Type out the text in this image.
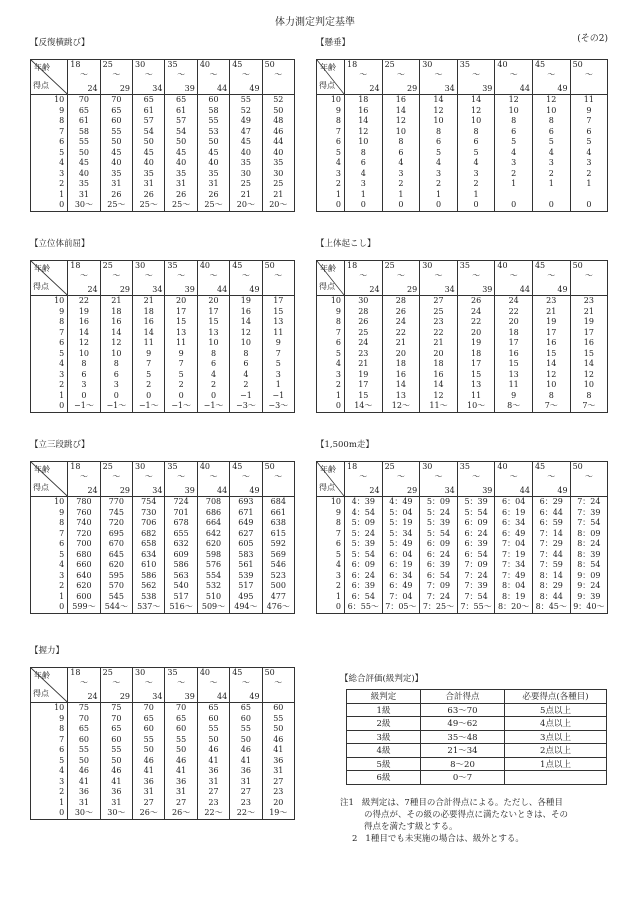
体力測定判定基準
(その2)
【反復横跳び】
年齢
得点	18
〜
24	25
〜
29	30
〜
34	35
〜
39	40
〜
44	45
〜
49	50
〜

10	70	70	65	65	60	55	52
9	65	65	61	61	58	52	50
8	61	60	57	57	55	49	48
7	58	55	54	54	53	47	46
6	55	50	50	50	50	45	44
5	50	45	45	45	45	40	40
4	45	40	40	40	40	35	35
3	40	35	35	35	35	30	30
2	35	31	31	31	31	25	25
1	31	26	26	26	26	21	21
0	30〜	25〜	25〜	25〜	25〜	20〜	20〜
【懸垂】
年齢
得点	18
〜
24	25
〜
29	30
〜
34	35
〜
39	40
〜
44	45
〜
49	50
〜

10	18	16	14	14	12	12	11
9	16	14	12	12	10	10	9
8	14	12	10	10	8	8	7
7	12	10	8	8	6	6	6
6	10	8	6	6	5	5	5
5	8	6	5	5	4	4	4
4	6	4	4	4	3	3	3
3	4	3	3	3	2	2	2
2	3	2	2	2	1	1	1
1	1	1	1	1			
0	0	0	0	0	0	0	0
【立位体前屈】
年齢
得点	18
〜
24	25
〜
29	30
〜
34	35
〜
39	40
〜
44	45
〜
49	50
〜

10	22	21	21	20	20	19	17
9	19	18	18	17	17	16	15
8	16	16	16	15	15	14	13
7	14	14	14	13	13	12	11
6	12	12	11	11	10	10	9
5	10	10	9	9	8	8	7
4	8	8	7	7	6	6	5
3	6	6	5	5	4	4	3
2	3	3	2	2	2	2	1
1	0	0	0	0	0	−1	−1
0	−1〜	−1〜	−1〜	−1〜	−1〜	−3〜	−3〜
【上体起こし】
年齢
得点	18
〜
24	25
〜
29	30
〜
34	35
〜
39	40
〜
44	45
〜
49	50
〜

10	30	28	27	26	24	23	23
9	28	26	25	24	22	21	21
8	26	24	23	22	20	19	19
7	25	22	22	20	18	17	17
6	24	21	21	19	17	16	16
5	23	20	20	18	16	15	15
4	21	18	18	17	15	14	14
3	19	16	16	15	13	12	12
2	17	14	14	13	11	10	10
1	15	13	12	11	9	8	8
0	14〜	12〜	11〜	10〜	8〜	7〜	7〜
【立三段跳び】
年齢
得点	18
〜
24	25
〜
29	30
〜
34	35
〜
39	40
〜
44	45
〜
49	50
〜

10	780	770	754	724	708	693	684
9	760	745	730	701	686	671	661
8	740	720	706	678	664	649	638
7	720	695	682	655	642	627	615
6	700	670	658	632	620	605	592
5	680	645	634	609	598	583	569
4	660	620	610	586	576	561	546
3	640	595	586	563	554	539	523
2	620	570	562	540	532	517	500
1	600	545	538	517	510	495	477
0	599〜	544〜	537〜	516〜	509〜	494〜	476〜
【1,500m走】
年齢
得点	18
〜
24	25
〜
29	30
〜
34	35
〜
39	40
〜
44	45
〜
49	50
〜

10	4：39	4：49	5：09	5：39	6：04	6：29	7：24
9	4：54	5：04	5：24	5：54	6：19	6：44	7：39
8	5：09	5：19	5：39	6：09	6：34	6：59	7：54
7	5：24	5：34	5：54	6：24	6：49	7：14	8：09
6	5：39	5：49	6：09	6：39	7：04	7：29	8：24
5	5：54	6：04	6：24	6：54	7：19	7：44	8：39
4	6：09	6：19	6：39	7：09	7：34	7：59	8：54
3	6：24	6：34	6：54	7：24	7：49	8：14	9：09
2	6：39	6：49	7：09	7：39	8：04	8：29	9：24
1	6：54	7：04	7：24	7：54	8：19	8：44	9：39
0	6：55〜	7：05〜	7：25〜	7：55〜	8：20〜	8：45〜	9：40〜
【握力】
年齢
得点	18
〜
24	25
〜
29	30
〜
34	35
〜
39	40
〜
44	45
〜
49	50
〜

10	75	75	70	70	65	65	60
9	70	70	65	65	60	60	55
8	65	65	60	60	55	55	50
7	60	60	55	55	50	50	46
6	55	55	50	50	46	46	41
5	50	50	46	46	41	41	36
4	46	46	41	41	36	36	31
3	41	41	36	36	31	31	27
2	36	36	31	31	27	27	23
1	31	31	27	27	23	23	20
0	30〜	30〜	26〜	26〜	22〜	22〜	19〜
【総合評価(級判定)】
級判定	合計得点	必要得点(各種目)
1級	63〜70	5点以上
2級	49〜62	4点以上
3級	35〜48	3点以上
4級	21〜34	2点以上
5級	8〜20	1点以上
6級	0〜7	
注1 級判定は、7種目の合計得点による。ただし、各種目
の得点が、その級の必要得点に満たないときは、その
得点を満たす級とする。
2 1種目でも未実施の場合は、級外とする。
